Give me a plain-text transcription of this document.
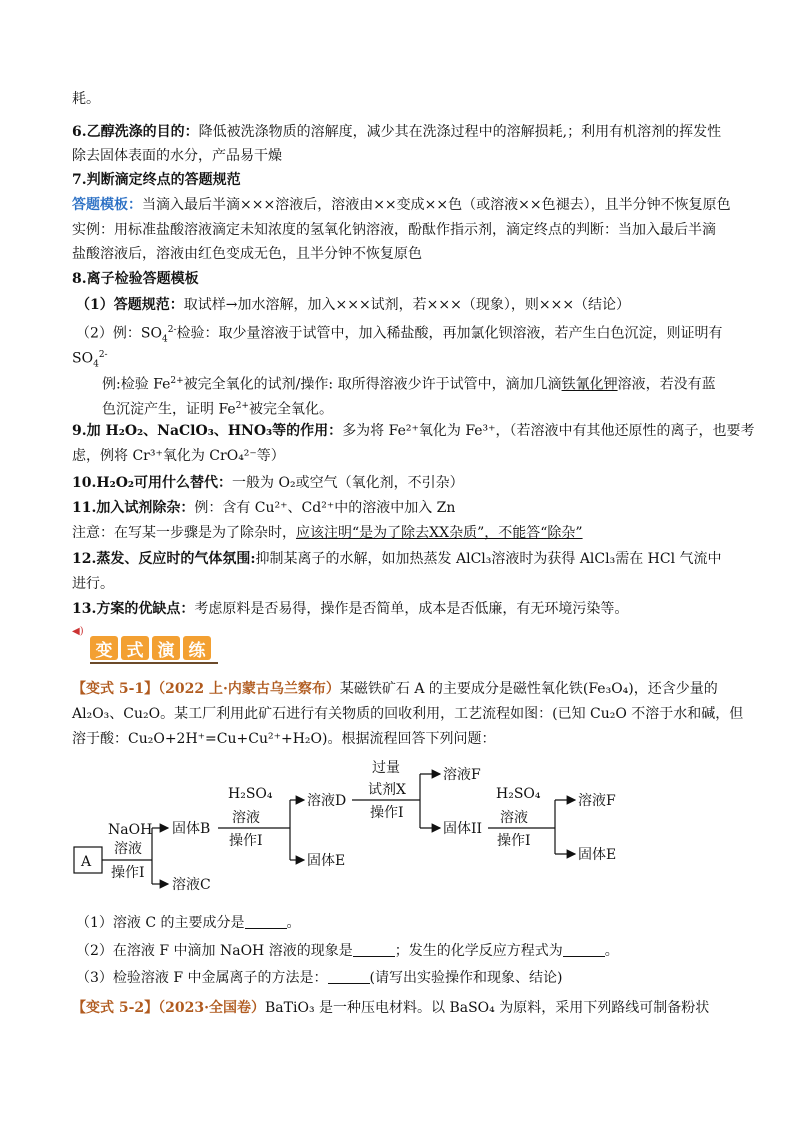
耗。
6.乙醇洗涤的目的：降低被洗涤物质的溶解度，减少其在洗涤过程中的溶解损耗,；利用有机溶剂的挥发性
除去固体表面的水分，产品易干燥
7.判断滴定终点的答题规范
答题模板：当滴入最后半滴×××溶液后，溶液由××变成××色（或溶液××色褪去），且半分钟不恢复原色
实例：用标准盐酸溶液滴定未知浓度的氢氧化钠溶液，酚酞作指示剂，滴定终点的判断：当加入最后半滴
盐酸溶液后，溶液由红色变成无色，且半分钟不恢复原色
8.离子检验答题模板
（1）答题规范：取试样→加水溶解，加入×××试剂，若×××（现象），则×××（结论）
（2）例：$SO_4^{2-}$检验：取少量溶液于试管中，加入稀盐酸，再加氯化钡溶液，若产生白色沉淀，则证明有
$SO_4^{2-}$
例:检验 $Fe^{2+}$被完全氧化的试剂/操作: 取所得溶液少许于试管中，滴加几滴铁氰化钾溶液，若没有蓝
色沉淀产生，证明 $Fe^{2+}$被完全氧化。
9.加 H₂O₂、NaClO₃、HNO₃等的作用：多为将 Fe²⁺氧化为 Fe³⁺，（若溶液中有其他还原性的离子，也要考
虑，例将 Cr³⁺氧化为 CrO₄²⁻等）
10.H₂O₂可用什么替代：一般为 O₂或空气（氧化剂，不引杂）
11.加入试剂除杂：例：含有 Cu²⁺、Cd²⁺中的溶液中加入 Zn
注意：在写某一步骤是为了除杂时，应该注明“是为了除去XX杂质”，不能答“除杂”
12.蒸发、反应时的气体氛围:抑制某离子的水解，如加热蒸发 AlCl₃溶液时为获得 AlCl₃需在 HCl 气流中
进行。
13.方案的优缺点：考虑原料是否易得，操作是否简单，成本是否低廉，有无环境污染等。
◀)
变 式 演 练
【变式 5-1】（2022 上·内蒙古乌兰察布）某磁铁矿石 A 的主要成分是磁性氧化铁(Fe₃O₄)，还含少量的
Al₂O₃、Cu₂O。某工厂利用此矿石进行有关物质的回收利用，工艺流程如图：(已知 Cu₂O 不溶于水和碱，但
溶于酸：Cu₂O+2H⁺=Cu+Cu²⁺+H₂O)。根据流程回答下列问题：
A
NaOH
溶液
操作Ⅰ
固体B
溶液C
H₂SO₄
溶液
操作Ⅰ
溶液D
固体E
过量
试剂X
操作Ⅰ
溶液F
固体II
H₂SO₄
溶液
操作Ⅰ
溶液F
固体E
（1）溶液 C 的主要成分是	。
（2）在溶液 F 中滴加 NaOH 溶液的现象是	；发生的化学反应方程式为	。
（3）检验溶液 F 中金属离子的方法是：	(请写出实验操作和现象、结论)
【变式 5-2】（2023·全国卷）BaTiO₃ 是一种压电材料。以 BaSO₄ 为原料，采用下列路线可制备粉状
